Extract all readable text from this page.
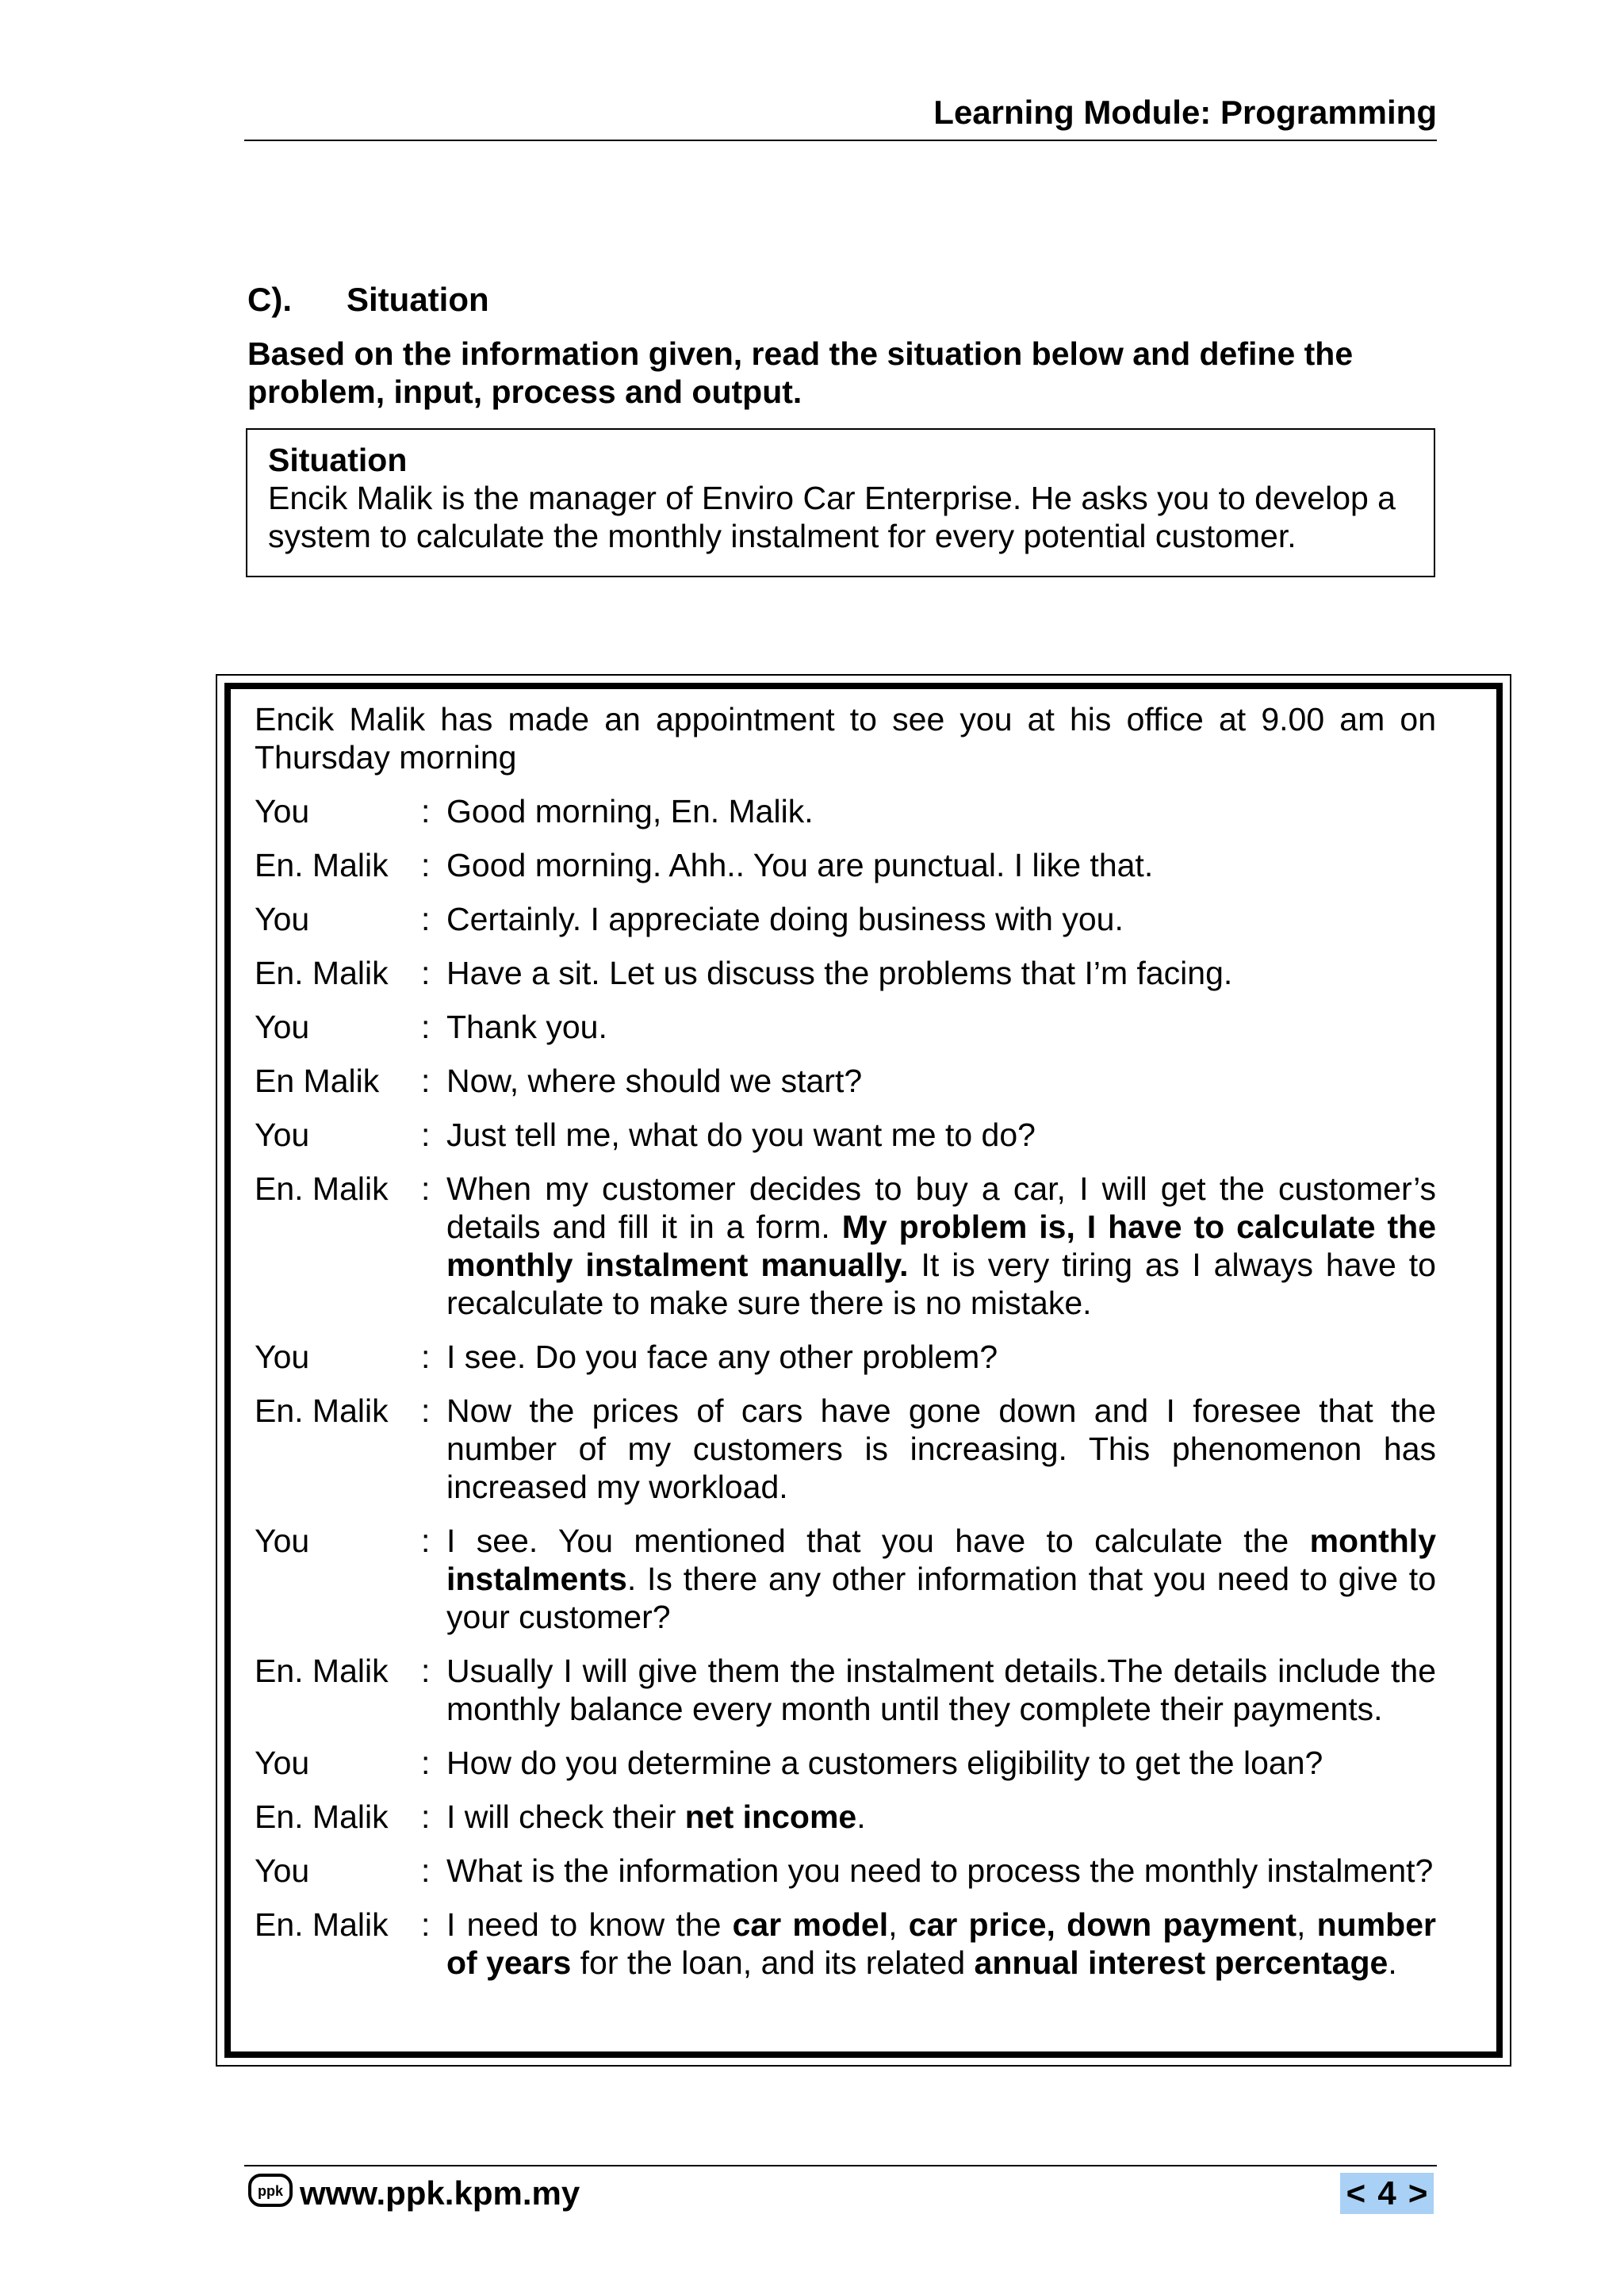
Learning Module: Programming
C). Situation
Based on the information given, read the situation below and define the problem, input, process and output.
Situation
Encik Malik is the manager of Enviro Car Enterprise. He asks you to develop a system to calculate the monthly instalment for every potential customer.
Encik Malik has made an appointment to see you at his office at 9.00 am on Thursday morning
You	: Good morning, En. Malik.
En. Malik	: Good morning. Ahh.. You are punctual. I like that.
You	: Certainly. I appreciate doing business with you.
En. Malik	: Have a sit. Let us discuss the problems that I’m facing.
You	: Thank you.
En Malik	: Now, where should we start?
You	: Just tell me, what do you want me to do?
En. Malik	: When my customer decides to buy a car, I will get the customer’s details and fill it in a form. My problem is, I have to calculate the monthly instalment manually. It is very tiring as I always have to recalculate to make sure there is no mistake.
You	: I see. Do you face any other problem?
En. Malik	: Now the prices of cars have gone down and I foresee that the number of my customers is increasing. This phenomenon has increased my workload.
You	: I see. You mentioned that you have to calculate the monthly instalments. Is there any other information that you need to give to your customer?
En. Malik	: Usually I will give them the instalment details.The details include the monthly balance every month until they complete their payments.
You	: How do you determine a customers eligibility to get the loan?
En. Malik	: I will check their net income.
You	: What is the information you need to process the monthly instalment?
En. Malik	: I need to know the car model, car price, down payment, number of years for the loan, and its related annual interest percentage.
ppk www.ppk.kpm.my	< 4 >
